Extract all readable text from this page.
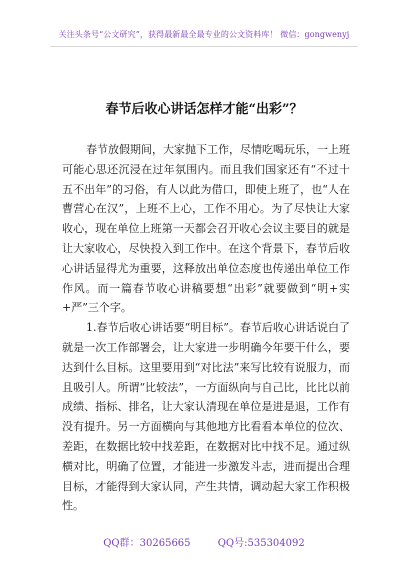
关注头条号“公文研究”，获得最新最全最专业的公文资料库！ 微信：gongwenyj
春节后收心讲话怎样才能“出彩”？

春节放假期间，大家抛下工作，尽情吃喝玩乐，一上班可能心思还沉浸在过年氛围内。而且我们国家还有“不过十五不出年”的习俗，有人以此为借口，即使上班了，也“人在曹营心在汉”，上班不上心，工作不用心。为了尽快让大家收心，现在单位上班第一天都会召开收心会议主要目的就是让大家收心，尽快投入到工作中。在这个背景下，春节后收心讲话显得尤为重要，这释放出单位态度也传递出单位工作作风。而一篇春节收心讲稿要想“出彩”就要做到“明+实+严”三个字。

1.春节后收心讲话要“明目标”。春节后收心讲话说白了就是一次工作部署会，让大家进一步明确今年要干什么，要达到什么目标。这里要用到“对比法”来写比较有说服力，而且吸引人。所谓“比较法”，一方面纵向与自己比，比比以前成绩、指标、排名，让大家认清现在单位是进是退，工作有没有提升。另一方面横向与其他地方比看看本单位的位次、差距，在数据比较中找差距，在数据对比中找不足。通过纵横对比，明确了位置，才能进一步激发斗志，进而提出合理目标，才能得到大家认同，产生共情，调动起大家工作积极性。

QQ群：30265665	QQ号:535304092
